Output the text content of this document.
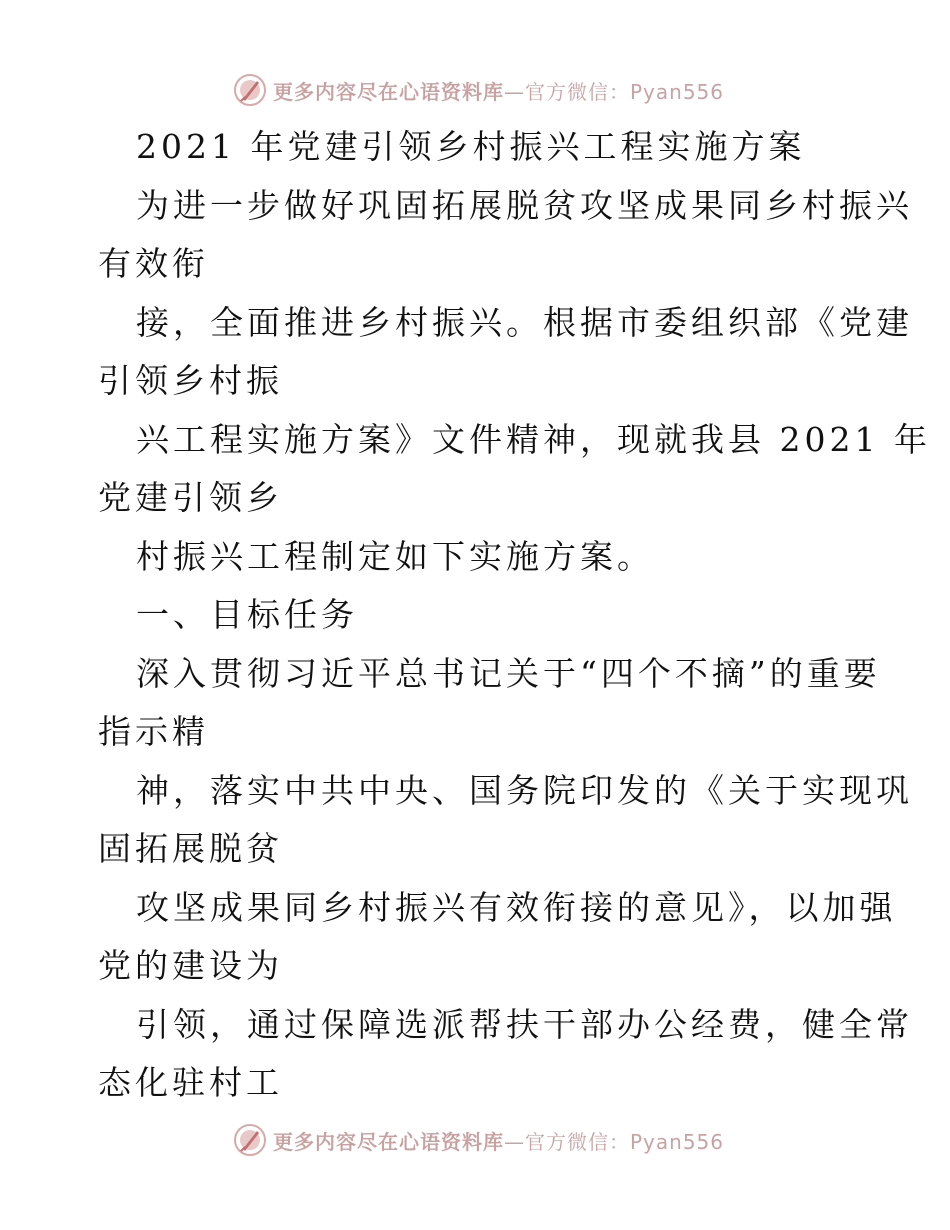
更多内容尽在心语资料库—官方微信：Pyan556
2021 年党建引领乡村振兴工程实施方案
为进一步做好巩固拓展脱贫攻坚成果同乡村振兴
有效衔
接，全面推进乡村振兴。根据市委组织部《党建
引领乡村振
兴工程实施方案》文件精神，现就我县 2021 年
党建引领乡
村振兴工程制定如下实施方案。
一、目标任务
深入贯彻习近平总书记关于“四个不摘”的重要
指示精
神，落实中共中央、国务院印发的《关于实现巩
固拓展脱贫
攻坚成果同乡村振兴有效衔接的意见》，以加强
党的建设为
引领，通过保障选派帮扶干部办公经费，健全常
态化驻村工
更多内容尽在心语资料库—官方微信：Pyan556
